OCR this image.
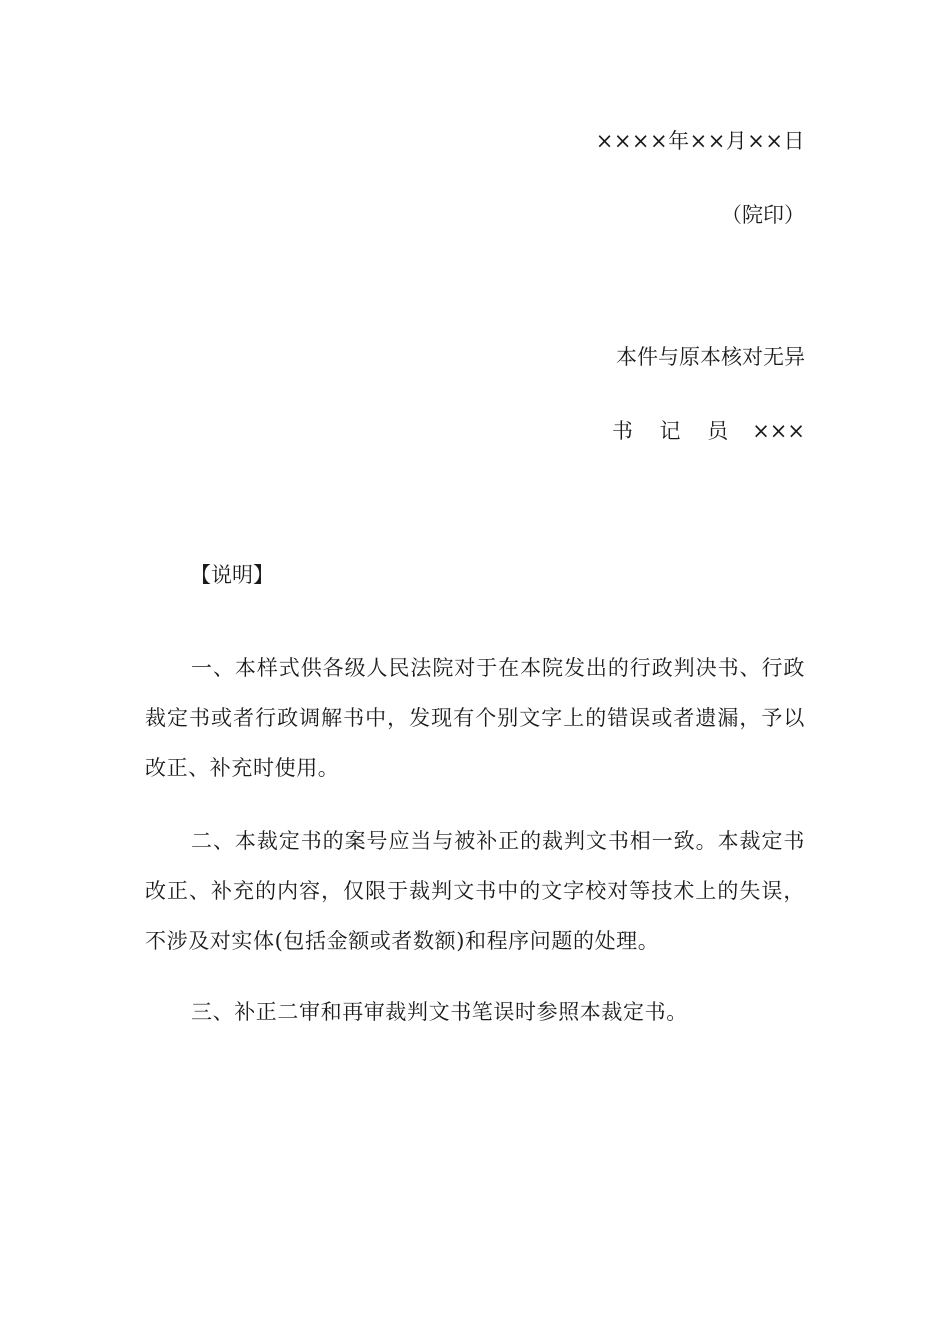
××××年××月××日
（院印）
本件与原本核对无异
书 记 员 ×××
【说明】

一、本样式供各级人民法院对于在本院发出的行政判决书、行政裁定书或者行政调解书中，发现有个别文字上的错误或者遗漏，予以改正、补充时使用。

二、本裁定书的案号应当与被补正的裁判文书相一致。本裁定书改正、补充的内容，仅限于裁判文书中的文字校对等技术上的失误，不涉及对实体(包括金额或者数额)和程序问题的处理。

三、补正二审和再审裁判文书笔误时参照本裁定书。
